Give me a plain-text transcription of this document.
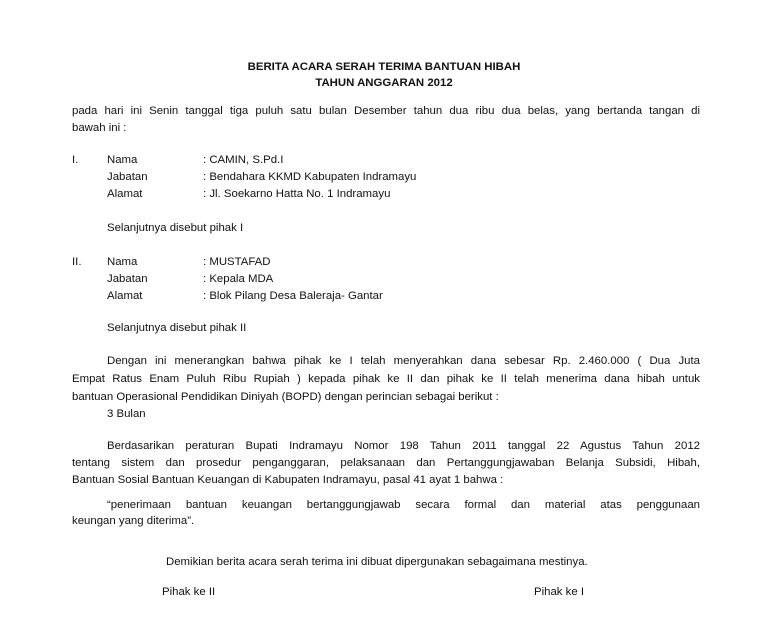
BERITA ACARA SERAH TERIMA BANTUAN HIBAH
TAHUN ANGGARAN 2012
pada hari ini Senin tanggal tiga puluh satu bulan Desember tahun dua ribu dua belas, yang bertanda tangan di
bawah ini :
I.	Nama	: CAMIN, S.Pd.I
Jabatan	: Bendahara KKMD Kabupaten Indramayu
Alamat	: Jl. Soekarno Hatta No. 1 Indramayu
Selanjutnya disebut pihak I
II. Nama	: MUSTAFAD
Jabatan	: Kepala MDA
Alamat	: Blok Pilang Desa Baleraja- Gantar
Selanjutnya disebut pihak II
Dengan ini menerangkan bahwa pihak ke I telah menyerahkan dana sebesar Rp. 2.460.000 ( Dua Juta
Empat Ratus Enam Puluh Ribu Rupiah ) kepada pihak ke II dan pihak ke II telah menerima dana hibah untuk
bantuan Operasional Pendidikan Diniyah (BOPD) dengan perincian sebagai berikut :
3 Bulan
Berdasarikan peraturan Bupati Indramayu Nomor 198 Tahun 2011 tanggal 22 Agustus Tahun 2012
tentang sistem dan prosedur penganggaran, pelaksanaan dan Pertanggungjawaban Belanja Subsidi, Hibah,
Bantuan Sosial Bantuan Keuangan di Kabupaten Indramayu, pasal 41 ayat 1 bahwa :
“penerimaan bantuan keuangan bertanggungjawab secara formal dan material atas penggunaan
keungan yang diterima”.
Demikian berita acara serah terima ini dibuat dipergunakan sebagaimana mestinya.
Pihak ke II	Pihak ke I
